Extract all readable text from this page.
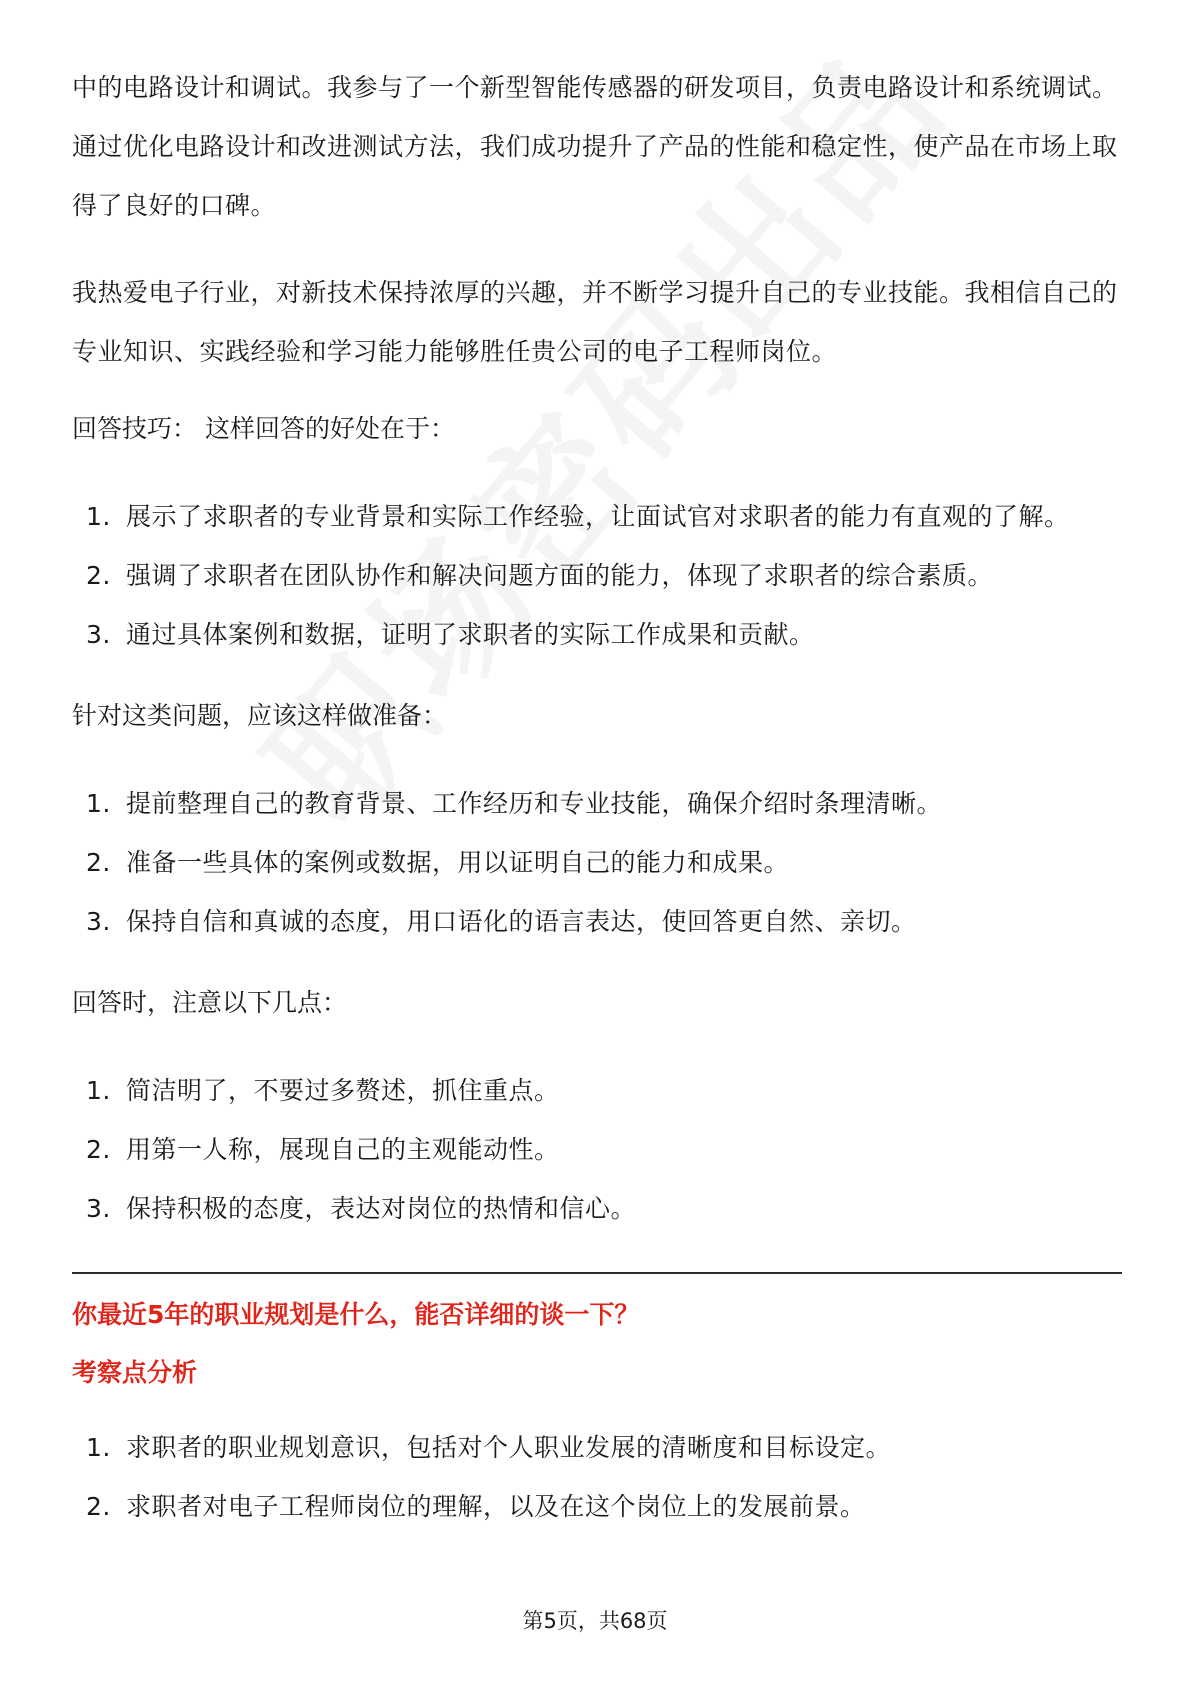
中的电路设计和调试。我参与了一个新型智能传感器的研发项目，负责电路设计和系统调试。通过优化电路设计和改进测试方法，我们成功提升了产品的性能和稳定性，使产品在市场上取得了良好的口碑。

我热爱电子行业，对新技术保持浓厚的兴趣，并不断学习提升自己的专业技能。我相信自己的专业知识、实践经验和学习能力能够胜任贵公司的电子工程师岗位。

回答技巧： 这样回答的好处在于：

1. 展示了求职者的专业背景和实际工作经验，让面试官对求职者的能力有直观的了解。
2. 强调了求职者在团队协作和解决问题方面的能力，体现了求职者的综合素质。
3. 通过具体案例和数据，证明了求职者的实际工作成果和贡献。

针对这类问题，应该这样做准备：

1. 提前整理自己的教育背景、工作经历和专业技能，确保介绍时条理清晰。
2. 准备一些具体的案例或数据，用以证明自己的能力和成果。
3. 保持自信和真诚的态度，用口语化的语言表达，使回答更自然、亲切。

回答时，注意以下几点：

1. 简洁明了，不要过多赘述，抓住重点。
2. 用第一人称，展现自己的主观能动性。
3. 保持积极的态度，表达对岗位的热情和信心。

你最近5年的职业规划是什么，能否详细的谈一下？

考察点分析

1. 求职者的职业规划意识，包括对个人职业发展的清晰度和目标设定。
2. 求职者对电子工程师岗位的理解，以及在这个岗位上的发展前景。
第5页，共68页
